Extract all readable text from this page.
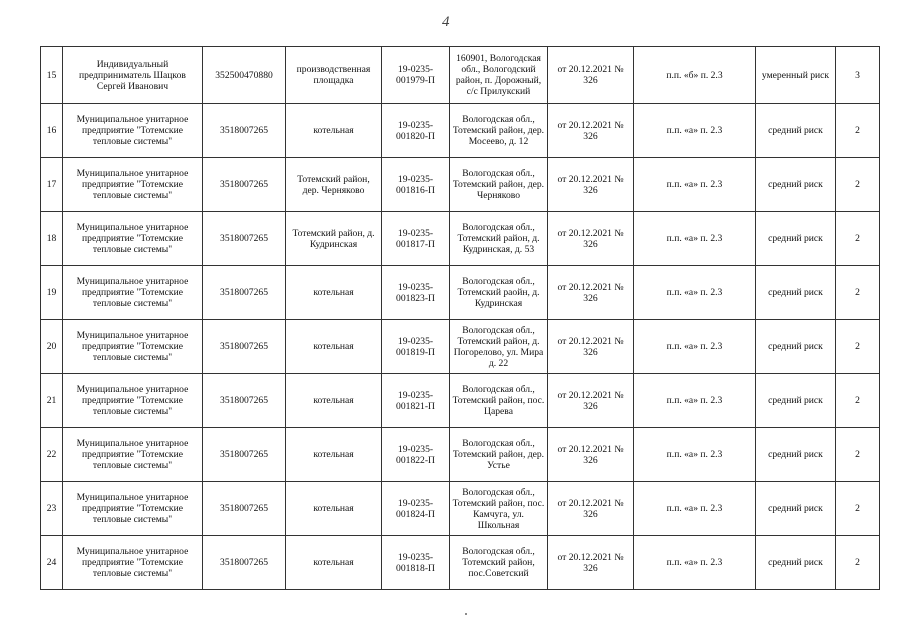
4
15	Индивидуальный предприниматель Шацков Сергей Иванович	352500470880	производственная площадка	19-0235-001979-П	160901, Вологодская обл., Вологодский район, п. Дорожный, с/с Прилукский	от 20.12.2021 № 326	п.п. «б» п. 2.3	умеренный риск	3
16	Муниципальное унитарное предприятие "Тотемские тепловые системы"	3518007265	котельная	19-0235-001820-П	Вологодская обл., Тотемский район, дер. Мосеево, д. 12	от 20.12.2021 № 326	п.п. «а» п. 2.3	средний риск	2
17	Муниципальное унитарное предприятие "Тотемские тепловые системы"	3518007265	Тотемский район, дер. Черняково	19-0235-001816-П	Вологодская обл., Тотемский район, дер. Черняково	от 20.12.2021 № 326	п.п. «а» п. 2.3	средний риск	2
18	Муниципальное унитарное предприятие "Тотемские тепловые системы"	3518007265	Тотемский район, д. Кудринская	19-0235-001817-П	Вологодская обл., Тотемский район, д. Кудринская, д. 53	от 20.12.2021 № 326	п.п. «а» п. 2.3	средний риск	2
19	Муниципальное унитарное предприятие "Тотемские тепловые системы"	3518007265	котельная	19-0235-001823-П	Вологодская обл., Тотемский раойн, д. Кудринская	от 20.12.2021 № 326	п.п. «а» п. 2.3	средний риск	2
20	Муниципальное унитарное предприятие "Тотемские тепловые системы"	3518007265	котельная	19-0235-001819-П	Вологодская обл., Тотемский район, д. Погорелово, ул. Мира д. 22	от 20.12.2021 № 326	п.п. «а» п. 2.3	средний риск	2
21	Муниципальное унитарное предприятие "Тотемские тепловые системы"	3518007265	котельная	19-0235-001821-П	Вологодская обл., Тотемский район, пос. Царева	от 20.12.2021 № 326	п.п. «а» п. 2.3	средний риск	2
22	Муниципальное унитарное предприятие "Тотемские тепловые системы"	3518007265	котельная	19-0235-001822-П	Вологодская обл., Тотемский район, дер. Устье	от 20.12.2021 № 326	п.п. «а» п. 2.3	средний риск	2
23	Муниципальное унитарное предприятие "Тотемские тепловые системы"	3518007265	котельная	19-0235-001824-П	Вологодская обл., Тотемский район, пос. Камчуга, ул. Школьная	от 20.12.2021 № 326	п.п. «а» п. 2.3	средний риск	2
24	Муниципальное унитарное предприятие "Тотемские тепловые системы"	3518007265	котельная	19-0235-001818-П	Вологодская обл., Тотемский район, пос.Советский	от 20.12.2021 № 326	п.п. «а» п. 2.3	средний риск	2
